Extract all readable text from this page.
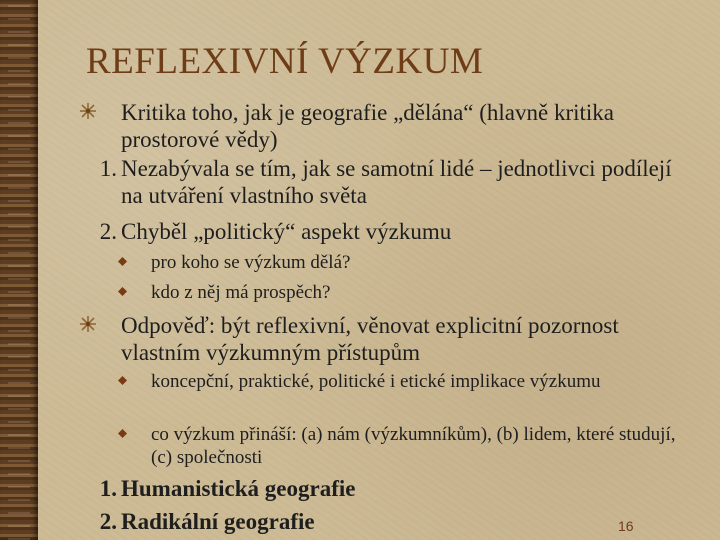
REFLEXIVNÍ VÝZKUM
Kritika toho, jak je geografie „dělána“ (hlavně kritika prostorové vědy)
1. Nezabývala se tím, jak se samotní lidé – jednotlivci podílejí na utváření vlastního světa
2. Chyběl „politický“ aspekt výzkumu
pro koho se výzkum dělá?
kdo z něj má prospěch?
Odpověď: být reflexivní, věnovat explicitní pozornost vlastním výzkumným přístupům
koncepční, praktické, politické i etické implikace výzkumu
co výzkum přináší: (a) nám (výzkumníkům), (b) lidem, které studují, (c) společnosti
1. Humanistická geografie
2. Radikální geografie	16
